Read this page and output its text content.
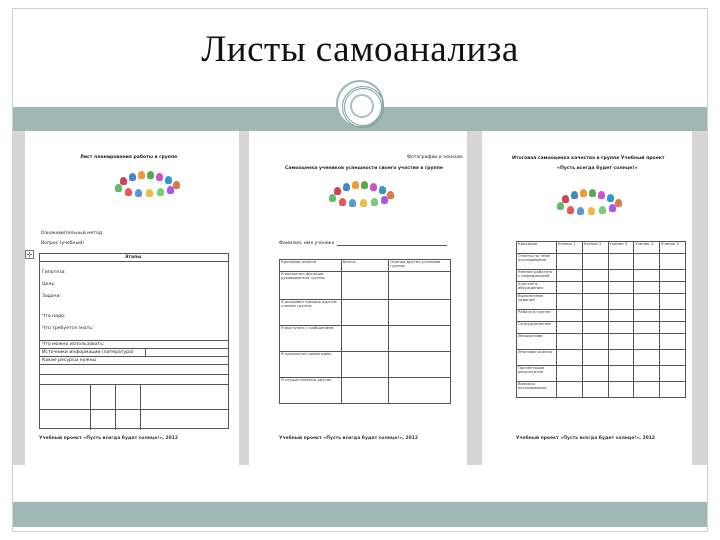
Листы самоанализа
Лист планирования работы в группе
Ознакомительный метод
Вопрос (учебный)
Этапы
Гипотеза:
Цель:
Задачи:
Что надо:
Что требуется знать:
Что можно использовать:
Источники информации (литература)
Какие ресурсы нужны
Учебный проект «Пусть всегда будет солнце!», 2012
✛
Фотографии и эскизов:
Самооценка учеников успешности своего участия в группе
Фамилия, имя ученика
Критерии оценки	Баллы	Оценка других учеников группы
Я выполнял функции руководителя группы		
Я оказывал помощь другим членам группы		
Я выступал с сообщением		
Я предлагал новые идеи		
Я слушал мнения других		
Учебный проект «Пусть всегда будет солнце!», 2012
Итоговая самооценка качества в группе Учебный проект
«Пусть всегда будет солнце!»
Критерии	Ученик 1	Ученик 2	Ученик 3	Ученик 4	Ученик 5
Ответы по теме исследования					
Умение работать с информацией					
Участие в обсуждении					
Выполнение заданий					
Работа в группе					
Сотрудничество					
Инициатива					
Итоговая оценка					
Презентация результатов					
Вопросы исследования					
Учебный проект «Пусть всегда будет солнце!», 2012
